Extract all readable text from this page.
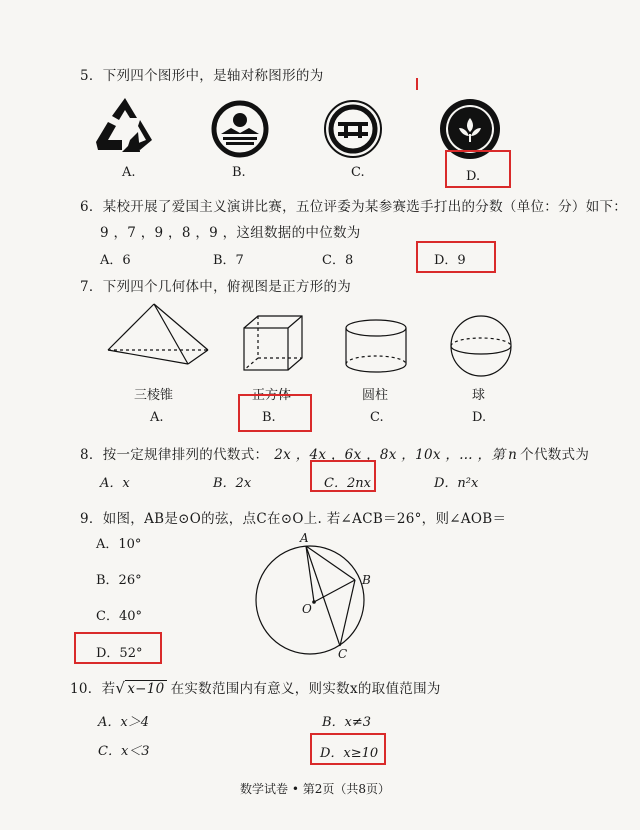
5．下列四个图形中，是轴对称图形的为
A.	B.	C.	D.
6．某校开展了爱国主义演讲比赛，五位评委为某参赛选手打出的分数（单位：分）如下：
9 ，7 ，9 ，8 ，9 ，这组数据的中位数为
A．6	B．7	C．8	D．9
7．下列四个几何体中，俯视图是正方形的为
三棱锥
A.
正方体
B.
圆柱
C.
球
D.
8．按一定规律排列的代数式： 2x ，4x ，6x ，8x ，10x ，… ，第 n 个代数式为
A．x	B．2x	C．2nx	D．n²x
9．如图，AB是⊙O的弦，点C在⊙O上. 若∠ACB＝26°，则∠AOB＝
A．10°
B．26°
C．40°
D．52°
A
B
O
C
10．若√ x−10 在实数范围内有意义，则实数x的取值范围为
A．x＞4	B．x≠3
C．x＜3	D．x≥10
数学试卷 • 第2页（共8页）
